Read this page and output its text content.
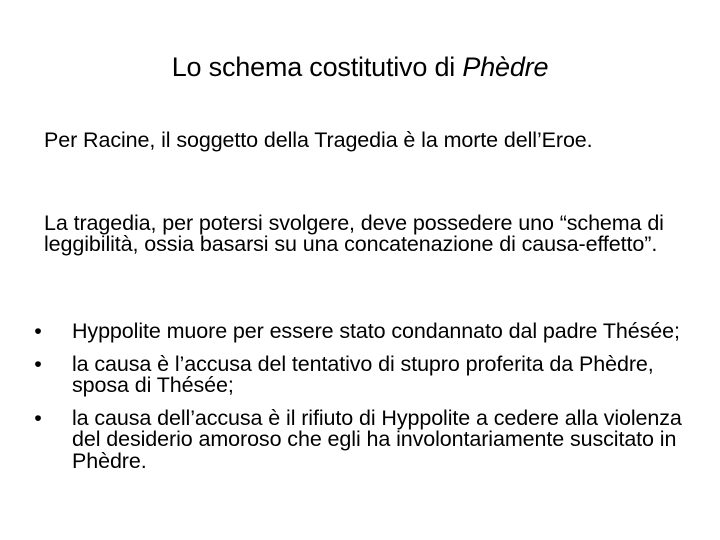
Lo schema costitutivo di Phèdre
Per Racine, il soggetto della Tragedia è la morte dell’Eroe.
La tragedia, per potersi svolgere, deve possedere uno “schema di leggibilità, ossia basarsi su una concatenazione di causa-effetto”.
• Hyppolite muore per essere stato condannato dal padre Thésée;
• la causa è l’accusa del tentativo di stupro proferita da Phèdre, sposa di Thésée;
• la causa dell’accusa è il rifiuto di Hyppolite a cedere alla violenza del desiderio amoroso che egli ha involontariamente suscitato in Phèdre.
